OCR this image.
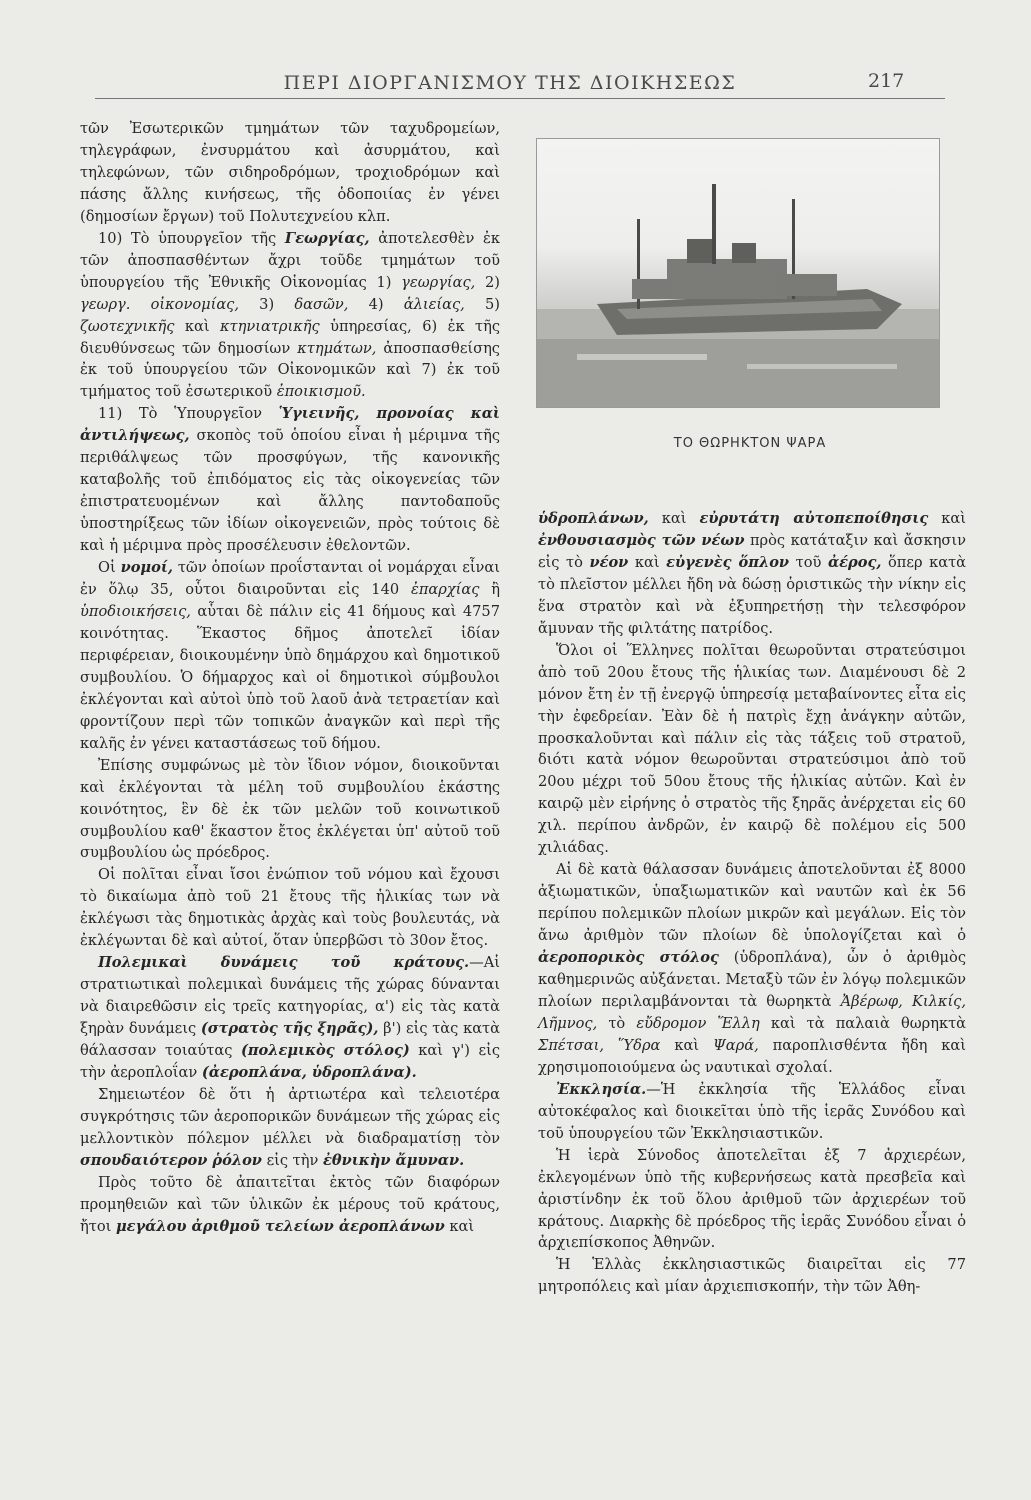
ΠΕΡΙ ΔΙΟΡΓΑΝΙΣΜΟΥ ΤΗΣ ΔΙΟΙΚΗΣΕΩΣ	217

τῶν Ἐσωτερικῶν τμημάτων τῶν ταχυδρομείων, τηλεγράφων, ἐνσυρμάτου καὶ ἀσυρμάτου, καὶ τηλεφώνων, τῶν σιδηροδρόμων, τροχιοδρόμων καὶ πάσης ἄλλης κινήσεως, τῆς ὁδοποιίας ἐν γένει (δημοσίων ἔργων) τοῦ Πολυτεχνείου κλπ.

10) Τὸ ὑπουργεῖον τῆς Γεωργίας, ἀποτελεσθὲν ἐκ τῶν ἀποσπασθέντων ἄχρι τοῦδε τμημάτων τοῦ ὑπουργείου τῆς Ἐθνικῆς Οἰκονομίας 1) γεωργίας, 2) γεωργ. οἰκονομίας, 3) δασῶν, 4) ἁλιείας, 5) ζωοτεχνικῆς καὶ κτηνιατρικῆς ὑπηρεσίας, 6) ἐκ τῆς διευθύνσεως τῶν δημοσίων κτημάτων, ἀποσπασθείσης ἐκ τοῦ ὑπουργείου τῶν Οἰκονομικῶν καὶ 7) ἐκ τοῦ τμήματος τοῦ ἐσωτερικοῦ ἐποικισμοῦ.

11) Τὸ Ὑπουργεῖον Ὑγιεινῆς, προνοίας καὶ ἀντιλήψεως, σκοπὸς τοῦ ὁποίου εἶναι ἡ μέριμνα τῆς περιθάλψεως τῶν προσφύγων, τῆς κανονικῆς καταβολῆς τοῦ ἐπιδόματος εἰς τὰς οἰκογενείας τῶν ἐπιστρατευομένων καὶ ἄλλης παντοδαποῦς ὑποστηρίξεως τῶν ἰδίων οἰκογενειῶν, πρὸς τούτοις δὲ καὶ ἡ μέριμνα πρὸς προσέλευσιν ἐθελοντῶν.

Οἱ νομοί, τῶν ὁποίων προΐστανται οἱ νομάρχαι εἶναι ἐν ὅλῳ 35, οὗτοι διαιροῦνται εἰς 140 ἐπαρχίας ἢ ὑποδιοικήσεις, αὗται δὲ πάλιν εἰς 41 δήμους καὶ 4757 κοινότητας. Ἕκαστος δῆμος ἀποτελεῖ ἰδίαν περιφέρειαν, διοικουμένην ὑπὸ δημάρχου καὶ δημοτικοῦ συμβουλίου. Ὁ δήμαρχος καὶ οἱ δημοτικοὶ σύμβουλοι ἐκλέγονται καὶ αὐτοὶ ὑπὸ τοῦ λαοῦ ἀνὰ τετραετίαν καὶ φροντίζουν περὶ τῶν τοπικῶν ἀναγκῶν καὶ περὶ τῆς καλῆς ἐν γένει καταστάσεως τοῦ δήμου.

Ἐπίσης συμφώνως μὲ τὸν ἴδιον νόμον, διοικοῦνται καὶ ἐκλέγονται τὰ μέλη τοῦ συμβουλίου ἑκάστης κοινότητος, ἓν δὲ ἐκ τῶν μελῶν τοῦ κοινωτικοῦ συμβουλίου καθ' ἕκαστον ἔτος ἐκλέγεται ὑπ' αὐτοῦ τοῦ συμβουλίου ὡς πρόεδρος.

Οἱ πολῖται εἶναι ἴσοι ἐνώπιον τοῦ νόμου καὶ ἔχουσι τὸ δικαίωμα ἀπὸ τοῦ 21 ἔτους τῆς ἡλικίας των νὰ ἐκλέγωσι τὰς δημοτικὰς ἀρχὰς καὶ τοὺς βουλευτάς, νὰ ἐκλέγωνται δὲ καὶ αὐτοί, ὅταν ὑπερβῶσι τὸ 30ον ἔτος.

Πολεμικαὶ δυνάμεις τοῦ κράτους.—Αἱ στρατιωτικαὶ πολεμικαὶ δυνάμεις τῆς χώρας δύνανται νὰ διαιρεθῶσιν εἰς τρεῖς κατηγορίας, α') εἰς τὰς κατὰ ξηρὰν δυνάμεις (στρατὸς τῆς ξηρᾶς), β') εἰς τὰς κατὰ θάλασσαν τοιαύτας (πολεμικὸς στόλος) καὶ γ') εἰς τὴν ἀεροπλοΐαν (ἀεροπλάνα, ὑδροπλάνα).

Σημειωτέον δὲ ὅτι ἡ ἀρτιωτέρα καὶ τελειοτέρα συγκρότησις τῶν ἀεροπορικῶν δυνάμεων τῆς χώρας εἰς μελλοντικὸν πόλεμον μέλλει νὰ διαδραματίσῃ τὸν σπουδαιότερον ῥόλον εἰς τὴν ἐθνικὴν ἄμυναν.

Πρὸς τοῦτο δὲ ἀπαιτεῖται ἐκτὸς τῶν διαφόρων προμηθειῶν καὶ τῶν ὑλικῶν ἐκ μέρους τοῦ κράτους, ἤτοι μεγάλου ἀριθμοῦ τελείων ἀεροπλάνων καὶ

ΤΟ ΘΩΡΗΚΤΟΝ ΨΑΡΑ

ὑδροπλάνων, καὶ εὐρυτάτη αὐτοπεποίθησις καὶ ἐνθουσιασμὸς τῶν νέων πρὸς κατάταξιν καὶ ἄσκησιν εἰς τὸ νέον καὶ εὐγενὲς ὅπλον τοῦ ἀέρος, ὅπερ κατὰ τὸ πλεῖστον μέλλει ἤδη νὰ δώσῃ ὁριστικῶς τὴν νίκην εἰς ἕνα στρατὸν καὶ νὰ ἐξυπηρετήσῃ τὴν τελεσφόρον ἄμυναν τῆς φιλτάτης πατρίδος.

Ὅλοι οἱ Ἕλληνες πολῖται θεωροῦνται στρατεύσιμοι ἀπὸ τοῦ 20ου ἔτους τῆς ἡλικίας των. Διαμένουσι δὲ 2 μόνον ἔτη ἐν τῇ ἐνεργῷ ὑπηρεσίᾳ μεταβαίνοντες εἶτα εἰς τὴν ἐφεδρείαν. Ἐὰν δὲ ἡ πατρὶς ἔχῃ ἀνάγκην αὐτῶν, προσκαλοῦνται καὶ πάλιν εἰς τὰς τάξεις τοῦ στρατοῦ, διότι κατὰ νόμον θεωροῦνται στρατεύσιμοι ἀπὸ τοῦ 20ου μέχρι τοῦ 50ου ἔτους τῆς ἡλικίας αὐτῶν. Καὶ ἐν καιρῷ μὲν εἰρήνης ὁ στρατὸς τῆς ξηρᾶς ἀνέρχεται εἰς 60 χιλ. περίπου ἀνδρῶν, ἐν καιρῷ δὲ πολέμου εἰς 500 χιλιάδας.

Αἱ δὲ κατὰ θάλασσαν δυνάμεις ἀποτελοῦνται ἐξ 8000 ἀξιωματικῶν, ὑπαξιωματικῶν καὶ ναυτῶν καὶ ἐκ 56 περίπου πολεμικῶν πλοίων μικρῶν καὶ μεγάλων. Εἰς τὸν ἄνω ἀριθμὸν τῶν πλοίων δὲ ὑπολογίζεται καὶ ὁ ἀεροπορικὸς στόλος (ὑδροπλάνα), ὧν ὁ ἀριθμὸς καθημερινῶς αὐξάνεται. Μεταξὺ τῶν ἐν λόγῳ πολεμικῶν πλοίων περιλαμβάνονται τὰ θωρηκτὰ Ἀβέρωφ, Κιλκίς, Λῆμνος, τὸ εὔδρομον Ἕλλη καὶ τὰ παλαιὰ θωρηκτὰ Σπέτσαι, Ὕδρα καὶ Ψαρά, παροπλισθέντα ἤδη καὶ χρησιμοποιούμενα ὡς ναυτικαὶ σχολαί.

Ἐκκλησία.—Ἡ ἐκκλησία τῆς Ἑλλάδος εἶναι αὐτοκέφαλος καὶ διοικεῖται ὑπὸ τῆς ἱερᾶς Συνόδου καὶ τοῦ ὑπουργείου τῶν Ἐκκλησιαστικῶν.

Ἡ ἱερὰ Σύνοδος ἀποτελεῖται ἐξ 7 ἀρχιερέων, ἐκλεγομένων ὑπὸ τῆς κυβερνήσεως κατὰ πρεσβεῖα καὶ ἀριστίνδην ἐκ τοῦ ὅλου ἀριθμοῦ τῶν ἀρχιερέων τοῦ κράτους. Διαρκὴς δὲ πρόεδρος τῆς ἱερᾶς Συνόδου εἶναι ὁ ἀρχιεπίσκοπος Ἀθηνῶν.

Ἡ Ἑλλὰς ἐκκλησιαστικῶς διαιρεῖται εἰς 77 μητροπόλεις καὶ μίαν ἀρχιεπισκοπήν, τὴν τῶν Ἀθη-
